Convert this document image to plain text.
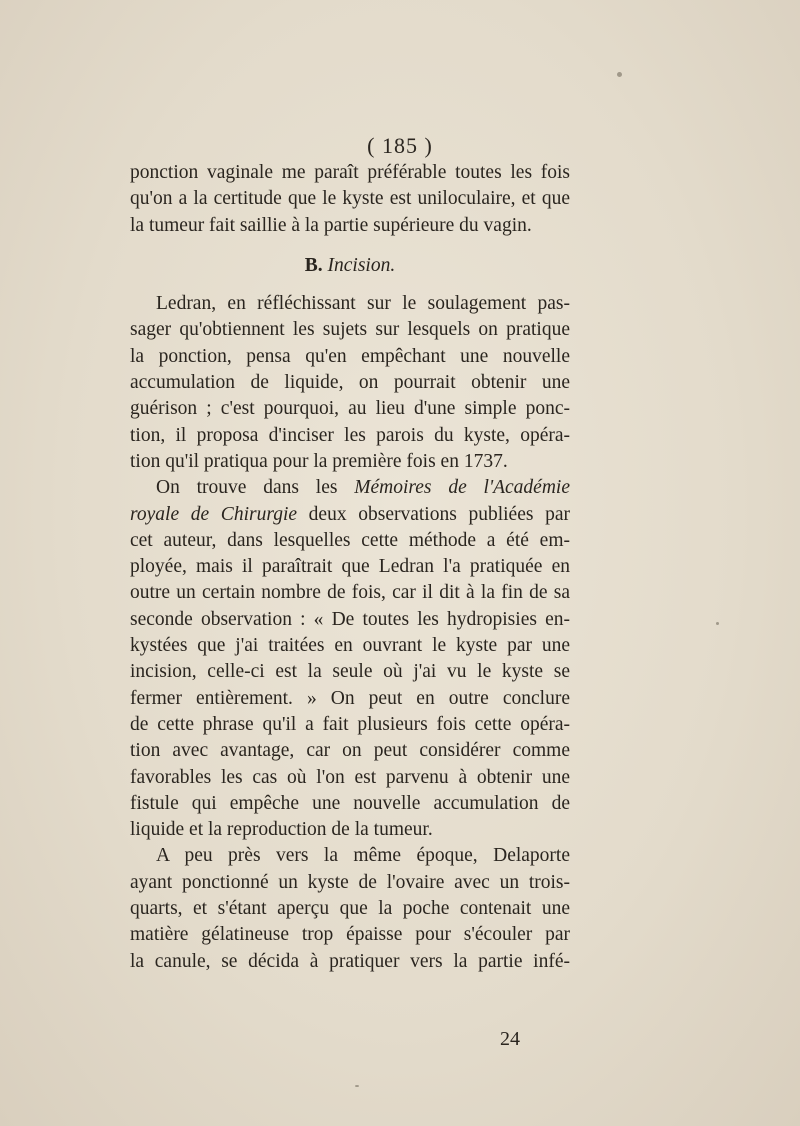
( 185 )
ponction vaginale me paraît préférable toutes les fois
qu'on a la certitude que le kyste est uniloculaire, et que
la tumeur fait saillie à la partie supérieure du vagin.
B. Incision.
Ledran, en réfléchissant sur le soulagement pas-
sager qu'obtiennent les sujets sur lesquels on pratique
la ponction, pensa qu'en empêchant une nouvelle
accumulation de liquide, on pourrait obtenir une
guérison ; c'est pourquoi, au lieu d'une simple ponc-
tion, il proposa d'inciser les parois du kyste, opéra-
tion qu'il pratiqua pour la première fois en 1737.
On trouve dans les Mémoires de l'Académie
royale de Chirurgie deux observations publiées par
cet auteur, dans lesquelles cette méthode a été em-
ployée, mais il paraîtrait que Ledran l'a pratiquée en
outre un certain nombre de fois, car il dit à la fin de sa
seconde observation : « De toutes les hydropisies en-
kystées que j'ai traitées en ouvrant le kyste par une
incision, celle-ci est la seule où j'ai vu le kyste se
fermer entièrement. » On peut en outre conclure
de cette phrase qu'il a fait plusieurs fois cette opéra-
tion avec avantage, car on peut considérer comme
favorables les cas où l'on est parvenu à obtenir une
fistule qui empêche une nouvelle accumulation de
liquide et la reproduction de la tumeur.
A peu près vers la même époque, Delaporte
ayant ponctionné un kyste de l'ovaire avec un trois-
quarts, et s'étant aperçu que la poche contenait une
matière gélatineuse trop épaisse pour s'écouler par
la canule, se décida à pratiquer vers la partie infé-
24
